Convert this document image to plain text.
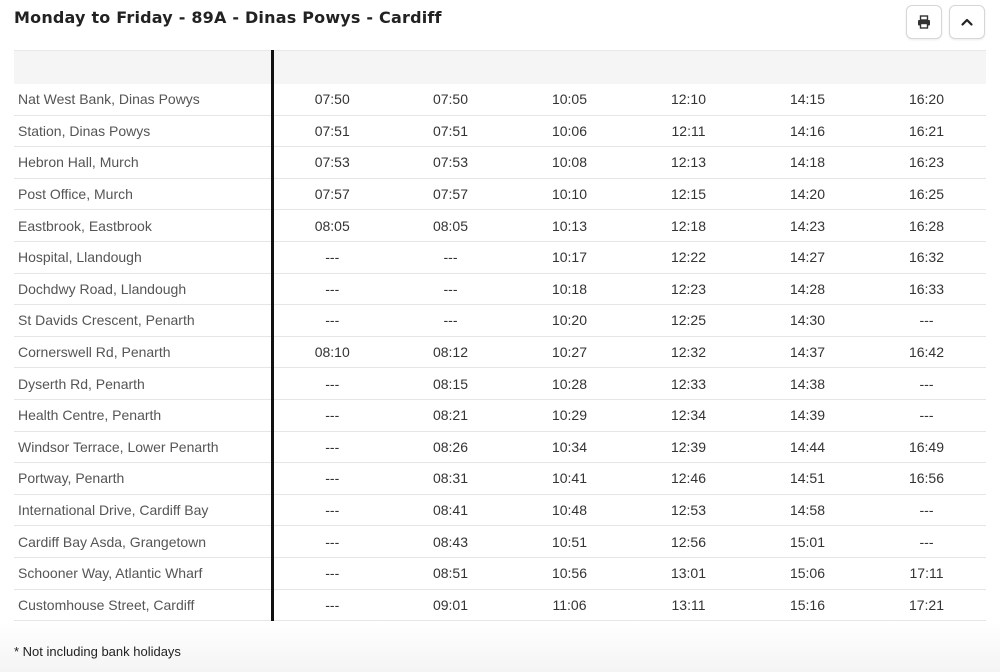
Monday to Friday - 89A - Dinas Powys - Cardiff

Nat West Bank, Dinas Powys	07:50	07:50	10:05	12:10	14:15	16:20
Station, Dinas Powys	07:51	07:51	10:06	12:11	14:16	16:21
Hebron Hall, Murch	07:53	07:53	10:08	12:13	14:18	16:23
Post Office, Murch	07:57	07:57	10:10	12:15	14:20	16:25
Eastbrook, Eastbrook	08:05	08:05	10:13	12:18	14:23	16:28
Hospital, Llandough	---	---	10:17	12:22	14:27	16:32
Dochdwy Road, Llandough	---	---	10:18	12:23	14:28	16:33
St Davids Crescent, Penarth	---	---	10:20	12:25	14:30	---
Cornerswell Rd, Penarth	08:10	08:12	10:27	12:32	14:37	16:42
Dyserth Rd, Penarth	---	08:15	10:28	12:33	14:38	---
Health Centre, Penarth	---	08:21	10:29	12:34	14:39	---
Windsor Terrace, Lower Penarth	---	08:26	10:34	12:39	14:44	16:49
Portway, Penarth	---	08:31	10:41	12:46	14:51	16:56
International Drive, Cardiff Bay	---	08:41	10:48	12:53	14:58	---
Cardiff Bay Asda, Grangetown	---	08:43	10:51	12:56	15:01	---
Schooner Way, Atlantic Wharf	---	08:51	10:56	13:01	15:06	17:11
Customhouse Street, Cardiff	---	09:01	11:06	13:11	15:16	17:21
* Not including bank holidays
